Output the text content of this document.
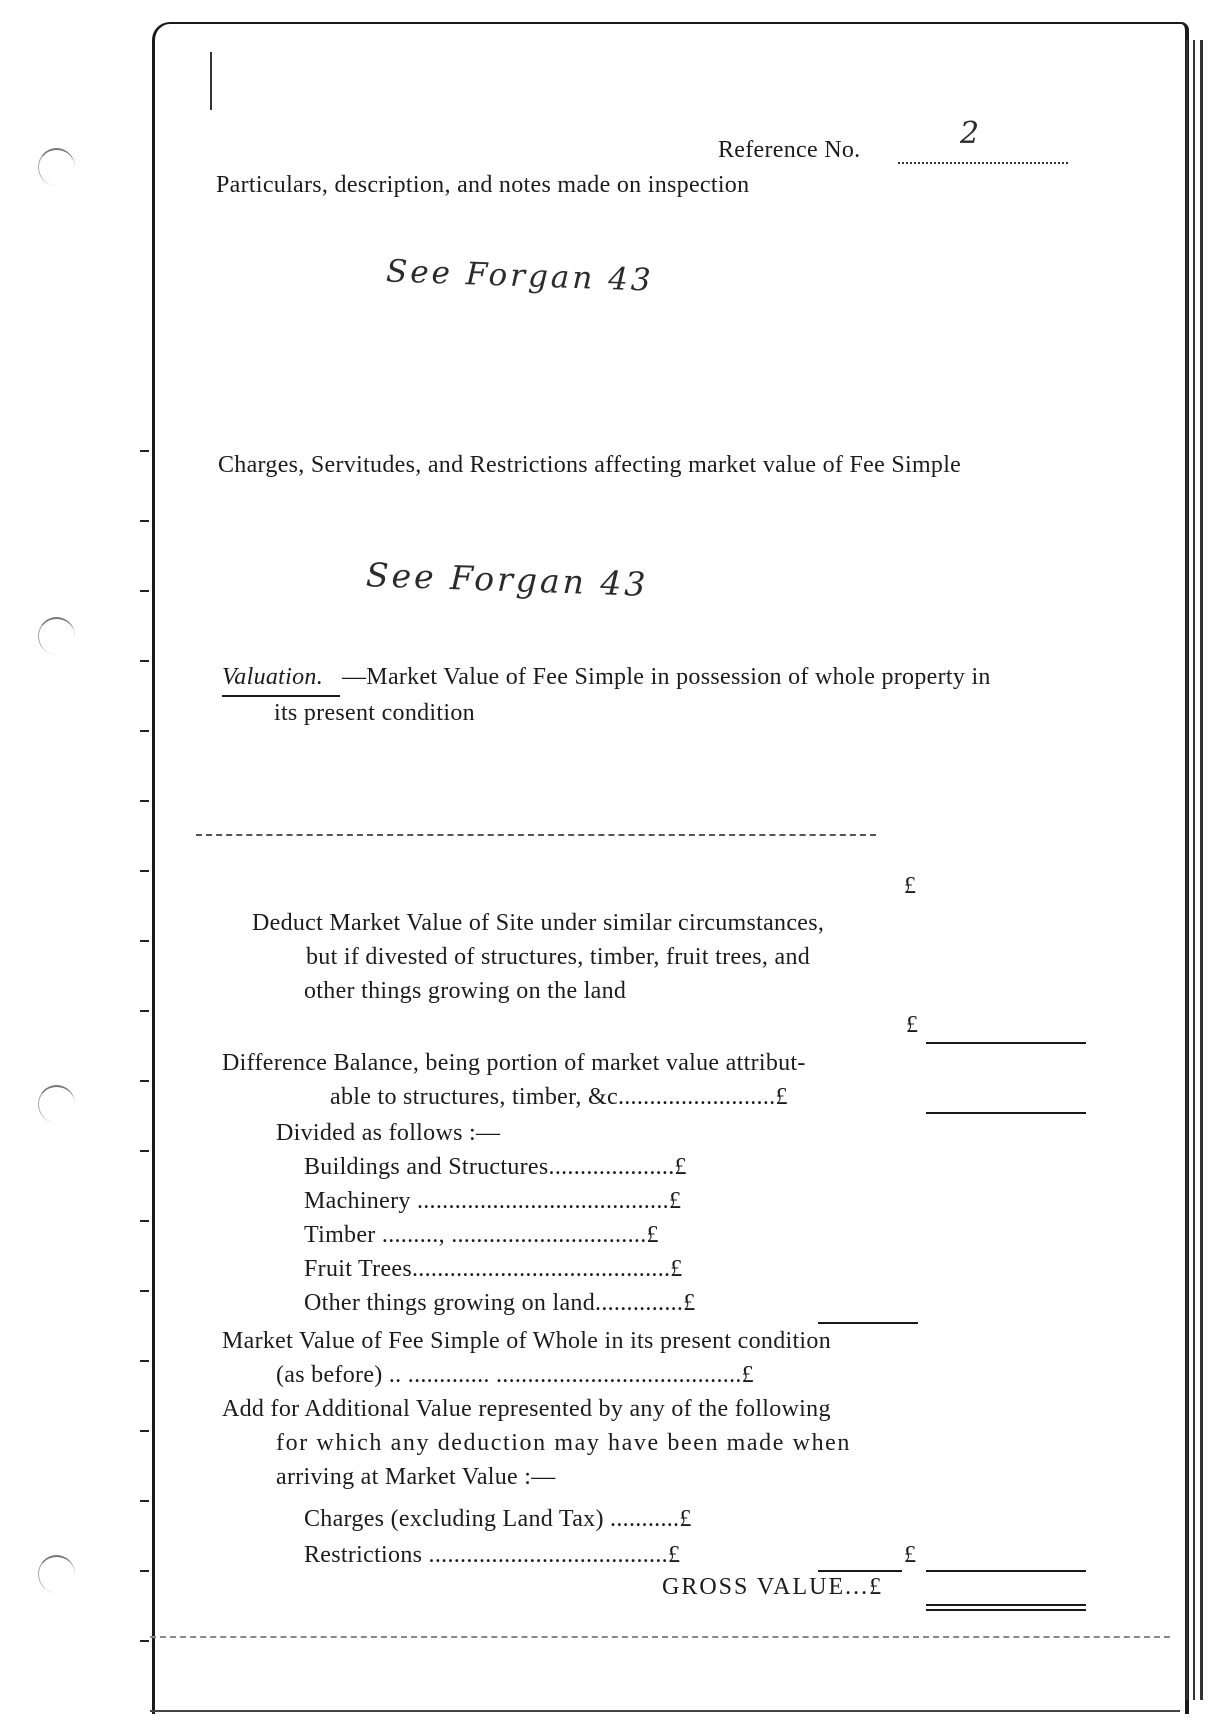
Reference No.	2
Particulars, description, and notes made on inspection
See Forgan 43
Charges, Servitudes, and Restrictions affecting market value of Fee Simple
See Forgan 43
Valuation. —Market Value of Fee Simple in possession of whole property in
its present condition
£
Deduct Market Value of Site under similar circumstances,
but if divested of structures, timber, fruit trees, and
other things growing on the land
£
Difference Balance, being portion of market value attribut-
able to structures, timber, &c.........................£
Divided as follows :—
Buildings and Structures....................£
Machinery ........................................£
Timber ........., ...............................£
Fruit Trees.........................................£
Other things growing on land..............£
Market Value of Fee Simple of Whole in its present condition
(as before) .. ............. .......................................£
Add for Additional Value represented by any of the following
for which any deduction may have been made when
arriving at Market Value :—
Charges (excluding Land Tax) ...........£
Restrictions ......................................£	£
GROSS VALUE...£
